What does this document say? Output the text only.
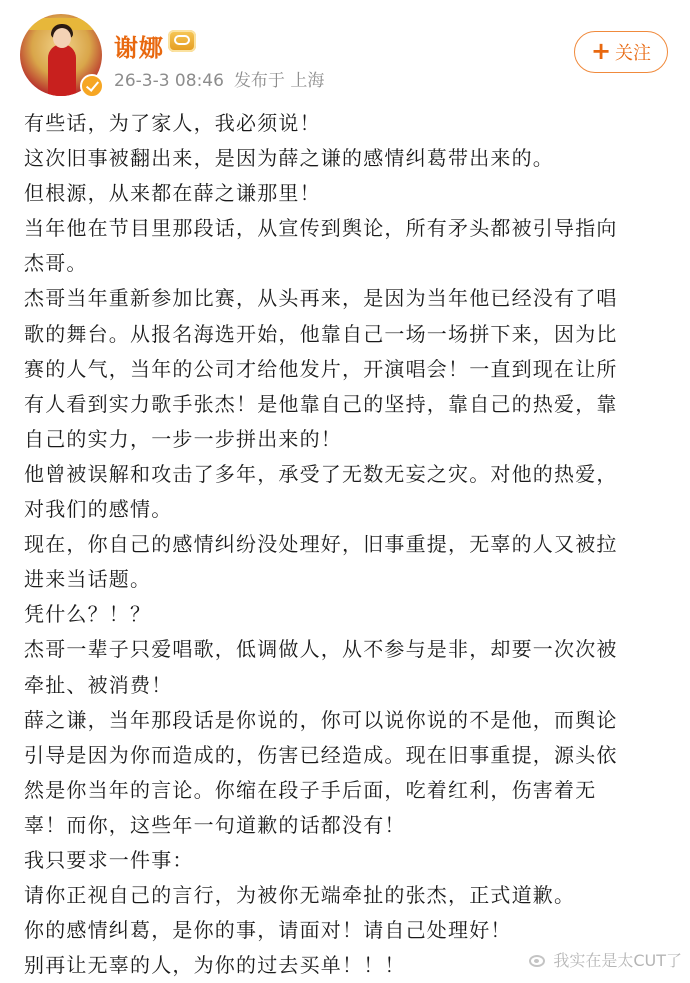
谢娜
26-3-3 08:46 发布于 上海
+ 关注
有些话，为了家人，我必须说！
这次旧事被翻出来，是因为薛之谦的感情纠葛带出来的。
但根源，从来都在薛之谦那里！
当年他在节目里那段话，从宣传到舆论，所有矛头都被引导指向
杰哥。
杰哥当年重新参加比赛，从头再来，是因为当年他已经没有了唱
歌的舞台。从报名海选开始，他靠自己一场一场拼下来，因为比
赛的人气，当年的公司才给他发片，开演唱会！一直到现在让所
有人看到实力歌手张杰！是他靠自己的坚持，靠自己的热爱，靠
自己的实力，一步一步拼出来的！
他曾被误解和攻击了多年，承受了无数无妄之灾。对他的热爱，
对我们的感情。
现在，你自己的感情纠纷没处理好，旧事重提，无辜的人又被拉
进来当话题。
凭什么？！？
杰哥一辈子只爱唱歌，低调做人，从不参与是非，却要一次次被
牵扯、被消费！
薛之谦，当年那段话是你说的，你可以说你说的不是他，而舆论
引导是因为你而造成的，伤害已经造成。现在旧事重提，源头依
然是你当年的言论。你缩在段子手后面，吃着红利，伤害着无
辜！而你，这些年一句道歉的话都没有！
我只要求一件事：
请你正视自己的言行，为被你无端牵扯的张杰，正式道歉。
你的感情纠葛，是你的事，请面对！请自己处理好！
别再让无辜的人，为你的过去买单！！！	我实在是太CUT了
